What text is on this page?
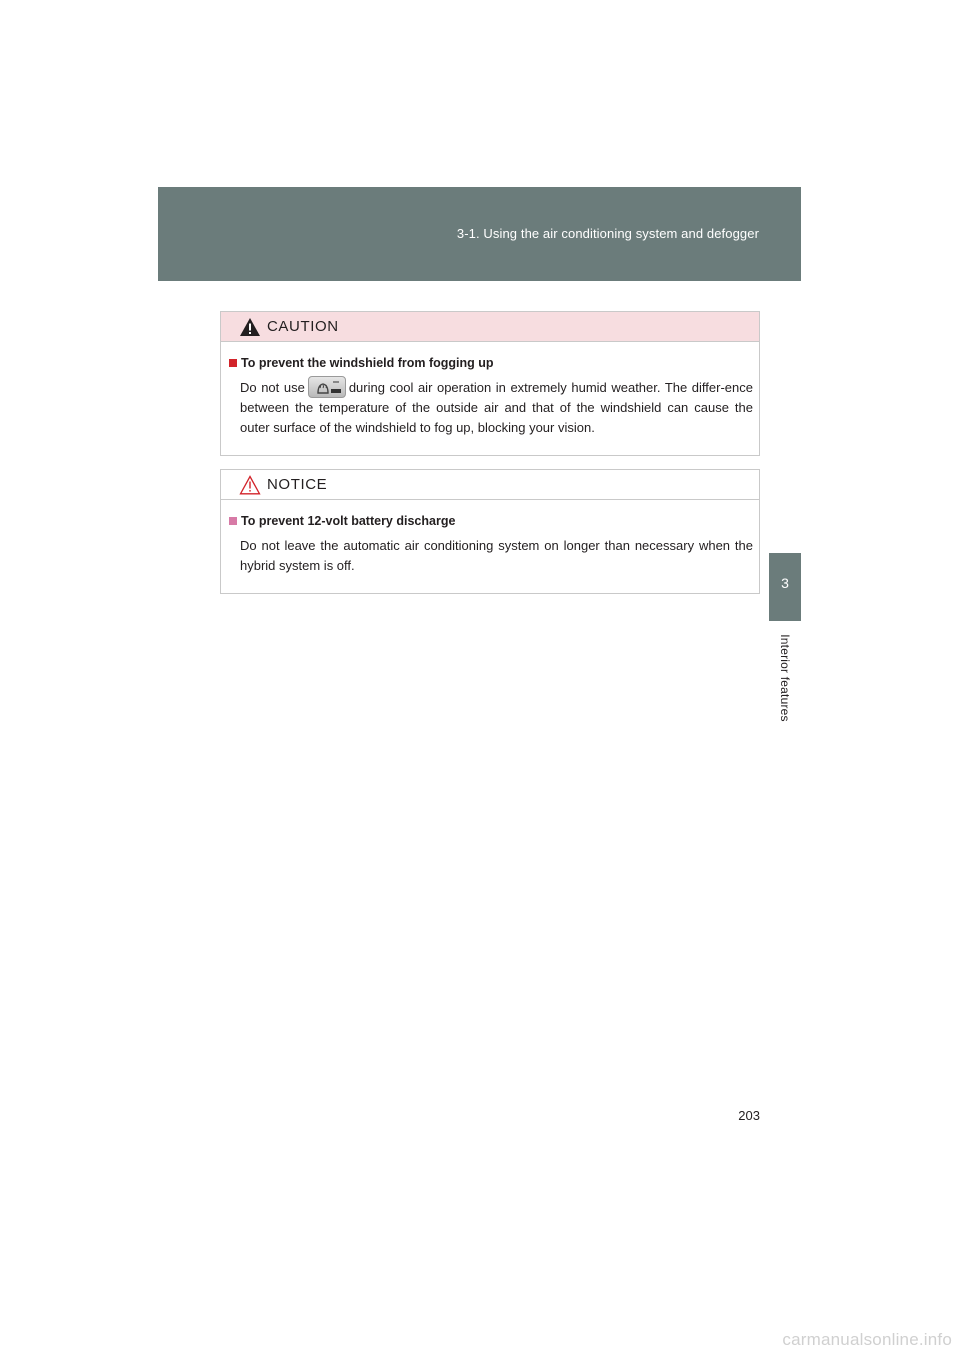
3-1. Using the air conditioning system and defogger
3
Interior features
CAUTION
To prevent the windshield from fogging up
Do not use	during cool air operation in extremely humid weather. The differ-ence between the temperature of the outside air and that of the windshield can cause the outer surface of the windshield to fog up, blocking your vision.
NOTICE
To prevent 12-volt battery discharge
Do not leave the automatic air conditioning system on longer than necessary when the hybrid system is off.
203
carmanualsonline.info
